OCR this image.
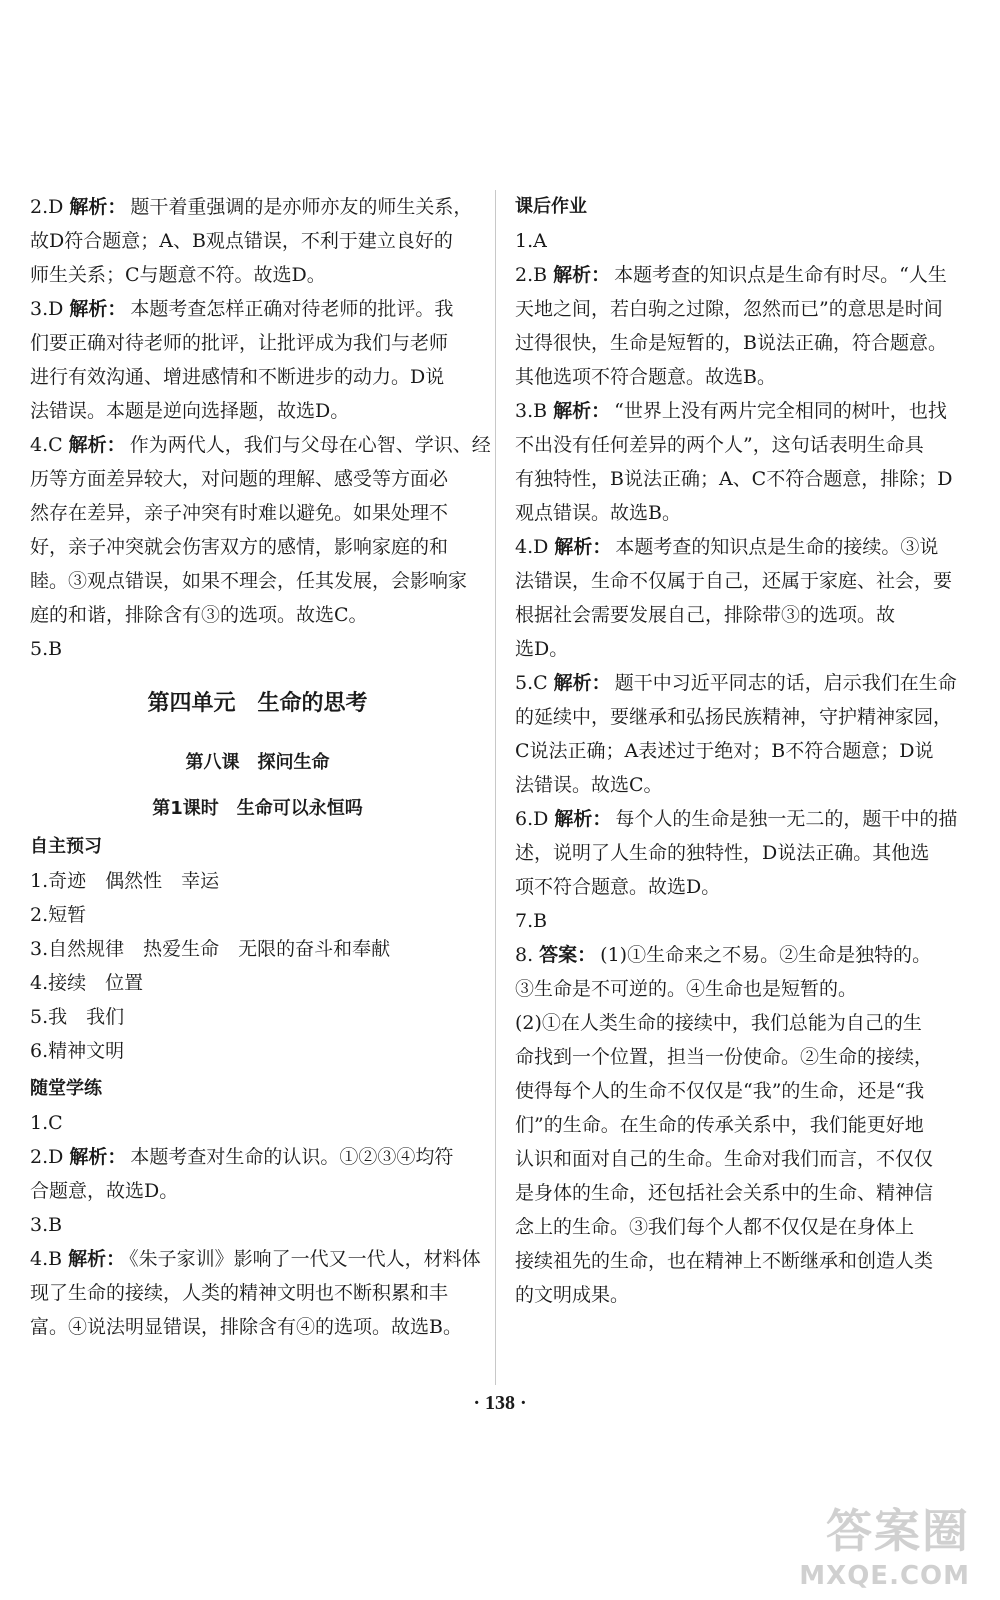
2.D 解析： 题干着重强调的是亦师亦友的师生关系，
故D符合题意；A、B观点错误，不利于建立良好的
师生关系；C与题意不符。故选D。
3.D 解析： 本题考查怎样正确对待老师的批评。我
们要正确对待老师的批评，让批评成为我们与老师
进行有效沟通、增进感情和不断进步的动力。D说
法错误。本题是逆向选择题，故选D。
4.C 解析： 作为两代人，我们与父母在心智、学识、经
历等方面差异较大，对问题的理解、感受等方面必
然存在差异，亲子冲突有时难以避免。如果处理不
好，亲子冲突就会伤害双方的感情，影响家庭的和
睦。③观点错误，如果不理会，任其发展，会影响家
庭的和谐，排除含有③的选项。故选C。
5.B
第四单元　生命的思考
第八课　探问生命
第1课时　生命可以永恒吗
自主预习
1.奇迹　偶然性　幸运
2.短暂
3.自然规律　热爱生命　无限的奋斗和奉献
4.接续　位置
5.我　我们
6.精神文明
随堂学练
1.C
2.D 解析： 本题考查对生命的认识。①②③④均符
合题意，故选D。
3.B
4.B 解析： 《朱子家训》影响了一代又一代人，材料体
现了生命的接续，人类的精神文明也不断积累和丰
富。④说法明显错误，排除含有④的选项。故选B。
课后作业
1.A
2.B 解析： 本题考查的知识点是生命有时尽。“人生
天地之间，若白驹之过隙，忽然而已”的意思是时间
过得很快，生命是短暂的，B说法正确，符合题意。
其他选项不符合题意。故选B。
3.B 解析： “世界上没有两片完全相同的树叶，也找
不出没有任何差异的两个人”，这句话表明生命具
有独特性，B说法正确；A、C不符合题意，排除；D
观点错误。故选B。
4.D 解析： 本题考查的知识点是生命的接续。③说
法错误，生命不仅属于自己，还属于家庭、社会，要
根据社会需要发展自己，排除带③的选项。故
选D。
5.C 解析： 题干中习近平同志的话，启示我们在生命
的延续中，要继承和弘扬民族精神，守护精神家园，
C说法正确；A表述过于绝对；B不符合题意；D说
法错误。故选C。
6.D 解析： 每个人的生命是独一无二的，题干中的描
述，说明了人生命的独特性，D说法正确。其他选
项不符合题意。故选D。
7.B
8. 答案： (1)①生命来之不易。②生命是独特的。
③生命是不可逆的。④生命也是短暂的。
(2)①在人类生命的接续中，我们总能为自己的生
命找到一个位置，担当一份使命。②生命的接续，
使得每个人的生命不仅仅是“我”的生命，还是“我
们”的生命。在生命的传承关系中，我们能更好地
认识和面对自己的生命。生命对我们而言，不仅仅
是身体的生命，还包括社会关系中的生命、精神信
念上的生命。③我们每个人都不仅仅是在身体上
接续祖先的生命，也在精神上不断继承和创造人类
的文明成果。
· 138 ·
答案圈
MXQE.COM
